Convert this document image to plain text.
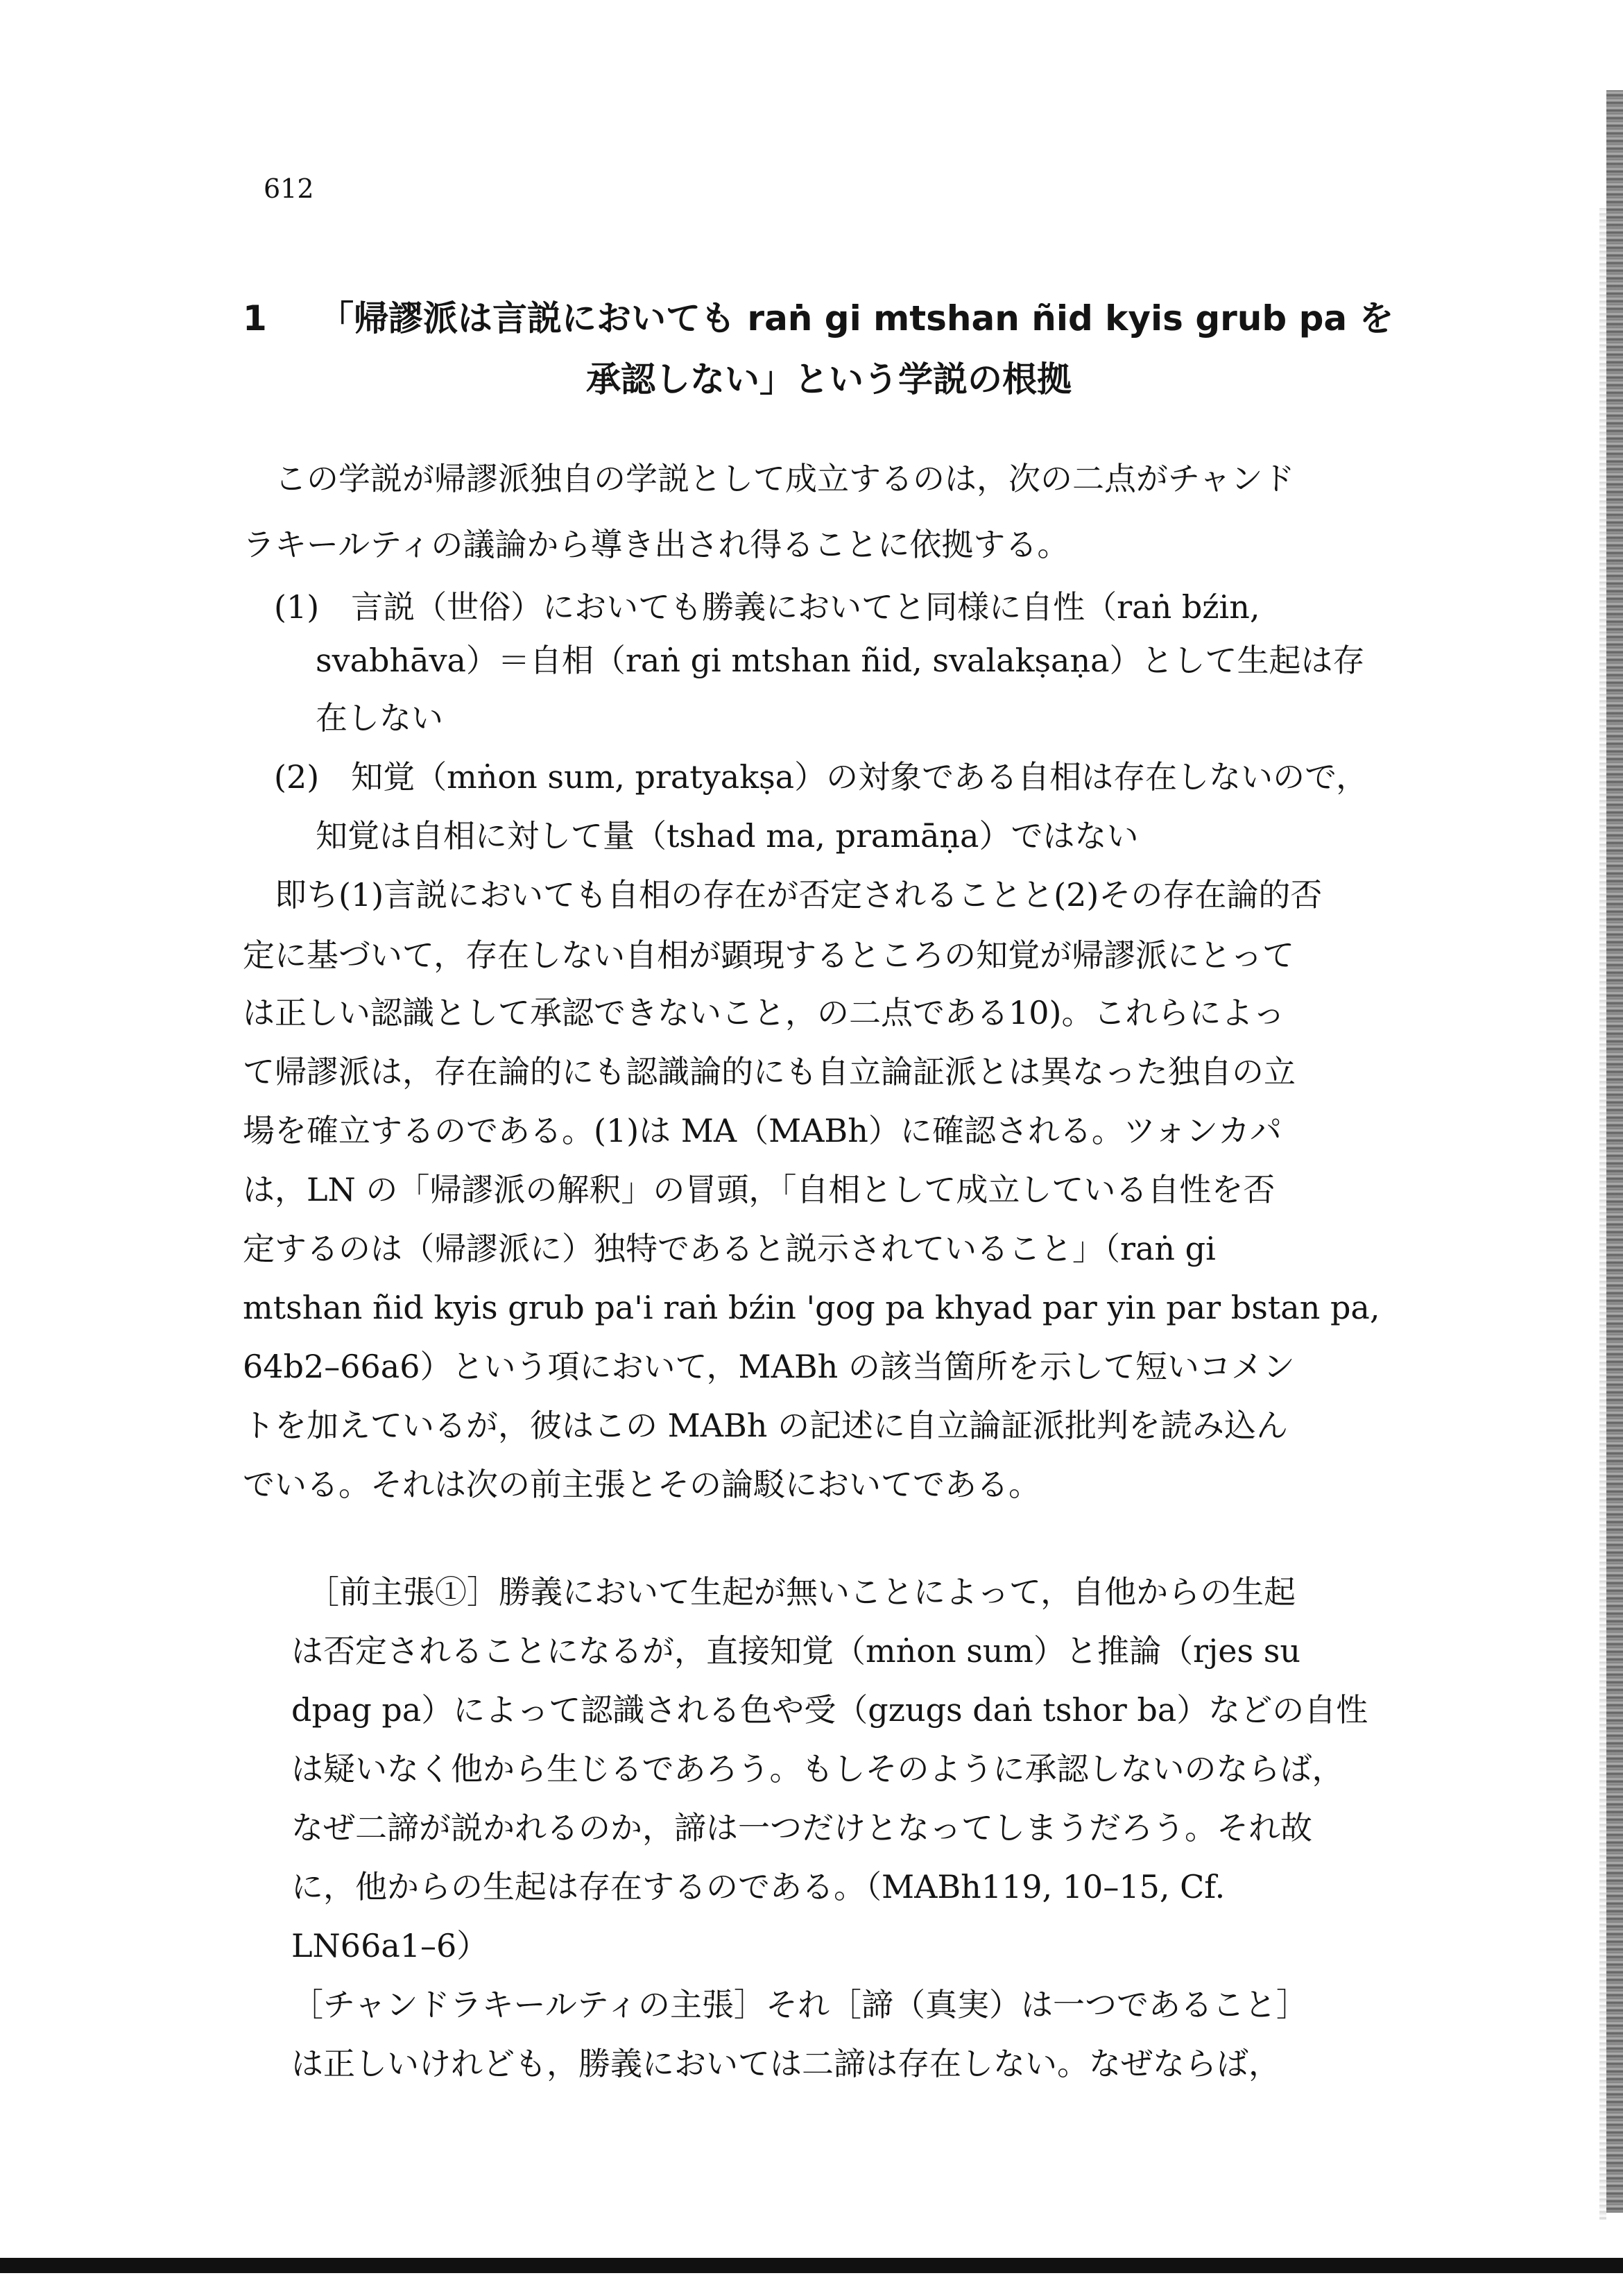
612
1 「帰謬派は言説においても raṅ gi mtshan ñid kyis grub pa を
承認しない」という学説の根拠
　この学説が帰謬派独自の学説として成立するのは，次の二点がチャンド
ラキールティの議論から導き出され得ることに依拠する。
(1)　言説（世俗）においても勝義においてと同様に自性（raṅ bźin,
svabhāva）＝自相（raṅ gi mtshan ñid, svalakṣaṇa）として生起は存
在しない
(2)　知覚（mṅon sum, pratyakṣa）の対象である自相は存在しないので，
知覚は自相に対して量（tshad ma, pramāṇa）ではない
　即ち(1)言説においても自相の存在が否定されることと(2)その存在論的否
定に基づいて，存在しない自相が顕現するところの知覚が帰謬派にとって
は正しい認識として承認できないこと，の二点である10)。これらによっ
て帰謬派は，存在論的にも認識論的にも自立論証派とは異なった独自の立
場を確立するのである。(1)は MA（MABh）に確認される。ツォンカパ
は，LN の「帰謬派の解釈」の冒頭，「自相として成立している自性を否
定するのは（帰謬派に）独特であると説示されていること」（raṅ gi
mtshan ñid kyis grub pa'i raṅ bźin 'gog pa khyad par yin par bstan pa,
64b2–66a6）という項において，MABh の該当箇所を示して短いコメン
トを加えているが，彼はこの MABh の記述に自立論証派批判を読み込ん
でいる。それは次の前主張とその論駁においてである。
　［前主張①］勝義において生起が無いことによって，自他からの生起
は否定されることになるが，直接知覚（mṅon sum）と推論（rjes su
dpag pa）によって認識される色や受（gzugs daṅ tshor ba）などの自性
は疑いなく他から生じるであろう。もしそのように承認しないのならば，
なぜ二諦が説かれるのか，諦は一つだけとなってしまうだろう。それ故
に，他からの生起は存在するのである。（MABh119, 10–15, Cf.
LN66a1–6）
［チャンドラキールティの主張］それ［諦（真実）は一つであること］
は正しいけれども，勝義においては二諦は存在しない。なぜならば，
